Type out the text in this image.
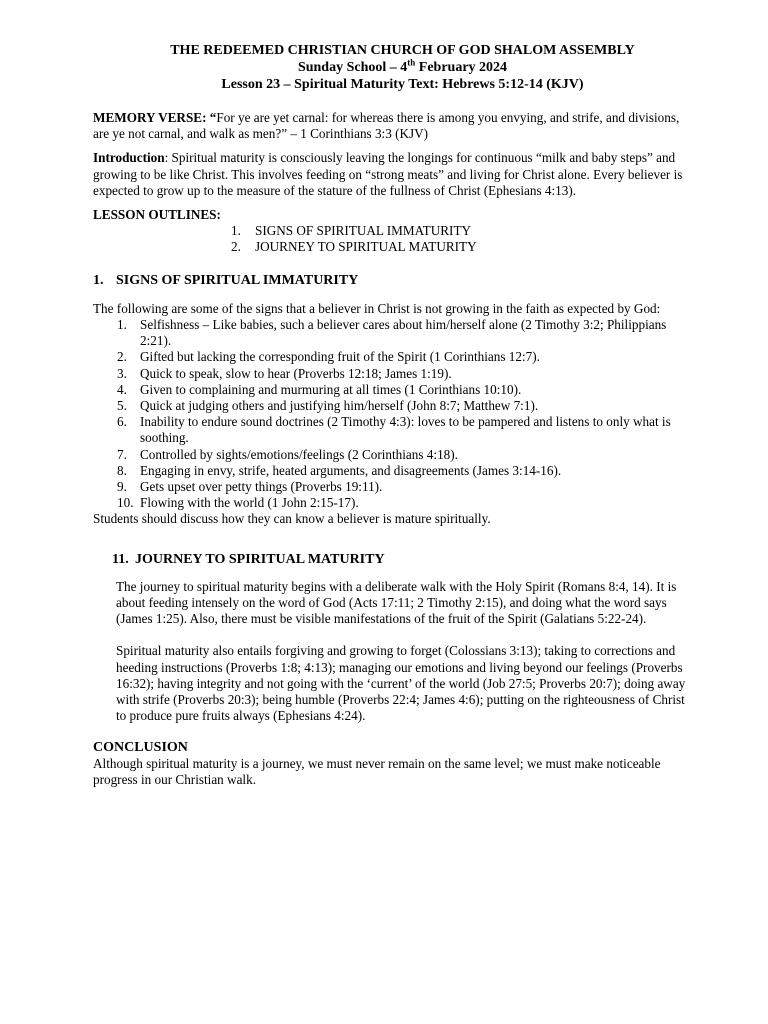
THE REDEEMED CHRISTIAN CHURCH OF GOD SHALOM ASSEMBLY
Sunday School – 4th February 2024
Lesson 23 – Spiritual Maturity Text: Hebrews 5:12-14 (KJV)

MEMORY VERSE: “For ye are yet carnal: for whereas there is among you envying, and strife, and divisions, are ye not carnal, and walk as men?” – 1 Corinthians 3:3 (KJV)

Introduction: Spiritual maturity is consciously leaving the longings for continuous “milk and baby steps” and growing to be like Christ. This involves feeding on “strong meats” and living for Christ alone. Every believer is expected to grow up to the measure of the stature of the fullness of Christ (Ephesians 4:13).

LESSON OUTLINES:
1.	SIGNS OF SPIRITUAL IMMATURITY
2.	JOURNEY TO SPIRITUAL MATURITY
1. SIGNS OF SPIRITUAL IMMATURITY

The following are some of the signs that a believer in Christ is not growing in the faith as expected by God:

1. Selfishness – Like babies, such a believer cares about him/herself alone (2 Timothy 3:2; Philippians 2:21).
2. Gifted but lacking the corresponding fruit of the Spirit (1 Corinthians 12:7).
3. Quick to speak, slow to hear (Proverbs 12:18; James 1:19).
4. Given to complaining and murmuring at all times (1 Corinthians 10:10).
5. Quick at judging others and justifying him/herself (John 8:7; Matthew 7:1).
6. Inability to endure sound doctrines (2 Timothy 4:3): loves to be pampered and listens to only what is soothing.
7. Controlled by sights/emotions/feelings (2 Corinthians 4:18).
8. Engaging in envy, strife, heated arguments, and disagreements (James 3:14-16).
9. Gets upset over petty things (Proverbs 19:11).
10. Flowing with the world (1 John 2:15-17).

Students should discuss how they can know a believer is mature spiritually.

11. JOURNEY TO SPIRITUAL MATURITY

The journey to spiritual maturity begins with a deliberate walk with the Holy Spirit (Romans 8:4, 14). It is about feeding intensely on the word of God (Acts 17:11; 2 Timothy 2:15), and doing what the word says (James 1:25). Also, there must be visible manifestations of the fruit of the Spirit (Galatians 5:22-24).

Spiritual maturity also entails forgiving and growing to forget (Colossians 3:13); taking to corrections and heeding instructions (Proverbs 1:8; 4:13); managing our emotions and living beyond our feelings (Proverbs 16:32); having integrity and not going with the ‘current’ of the world (Job 27:5; Proverbs 20:7); doing away with strife (Proverbs 20:3); being humble (Proverbs 22:4; James 4:6); putting on the righteousness of Christ to produce pure fruits always (Ephesians 4:24).

CONCLUSION

Although spiritual maturity is a journey, we must never remain on the same level; we must make noticeable progress in our Christian walk.
